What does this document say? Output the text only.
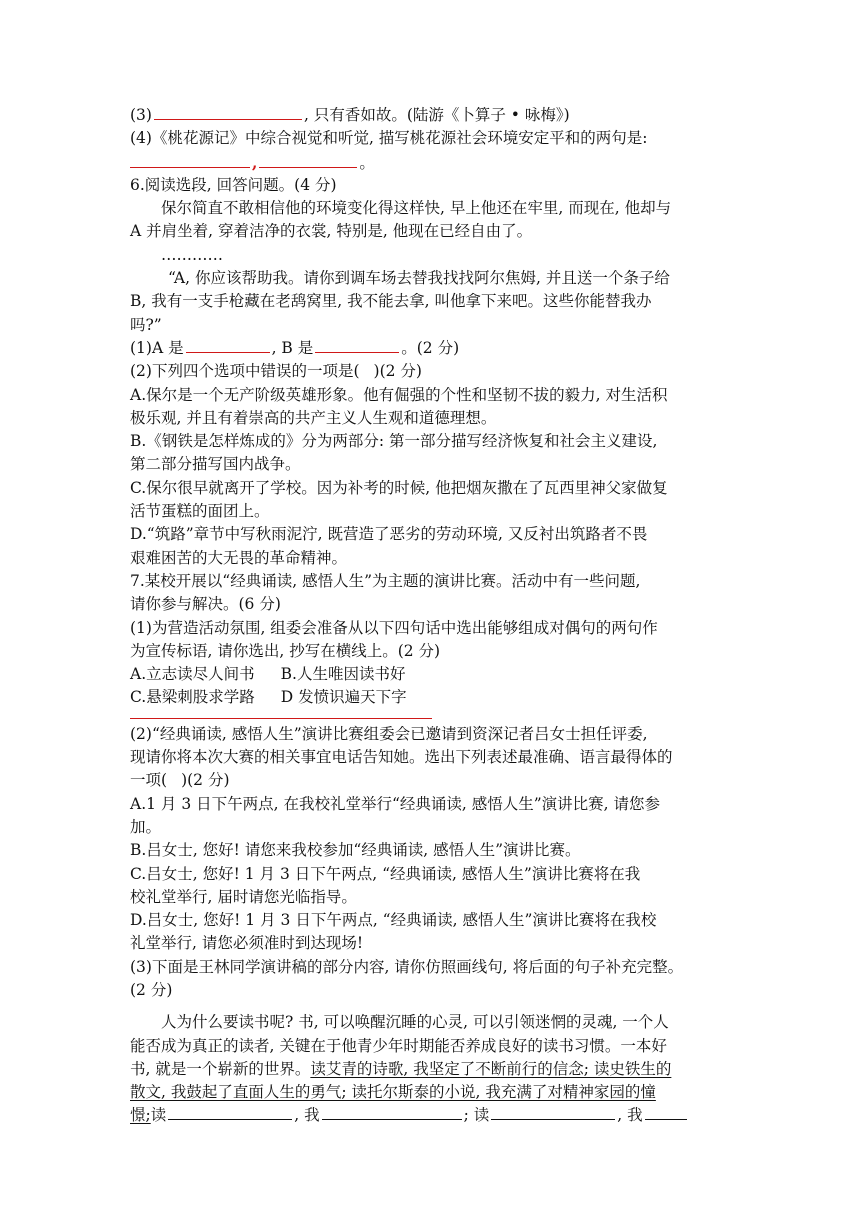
(3)	, 只有香如故。(陆游《卜算子 • 咏梅》)
(4)《桃花源记》中综合视觉和听觉, 描写桃花源社会环境安定平和的两句是:
,	。
6.阅读选段, 回答问题。(4 分)
保尔简直不敢相信他的环境变化得这样快, 早上他还在牢里, 而现在, 他却与
A 并肩坐着, 穿着洁净的衣裳, 特别是, 他现在已经自由了。
…………
“A, 你应该帮助我。请你到调车场去替我找找阿尔焦姆, 并且送一个条子给
B, 我有一支手枪藏在老鸹窝里, 我不能去拿, 叫他拿下来吧。这些你能替我办
吗?”
(1)A 是	, B 是	。(2 分)
(2)下列四个选项中错误的一项是( )(2 分)
A.保尔是一个无产阶级英雄形象。他有倔强的个性和坚韧不拔的毅力, 对生活积
极乐观, 并且有着崇高的共产主义人生观和道德理想。
B.《钢铁是怎样炼成的》分为两部分: 第一部分描写经济恢复和社会主义建设,
第二部分描写国内战争。
C.保尔很早就离开了学校。因为补考的时候, 他把烟灰撒在了瓦西里神父家做复
活节蛋糕的面团上。
D.“筑路”章节中写秋雨泥泞, 既营造了恶劣的劳动环境, 又反衬出筑路者不畏
艰难困苦的大无畏的革命精神。
7.某校开展以“经典诵读, 感悟人生”为主题的演讲比赛。活动中有一些问题,
请你参与解决。(6 分)
(1)为营造活动氛围, 组委会准备从以下四句话中选出能够组成对偶句的两句作
为宣传标语, 请你选出, 抄写在横线上。(2 分)
A.立志读尽人间书 B.人生唯因读书好
C.悬梁刺股求学路 D 发愤识遍天下字
(2)“经典诵读, 感悟人生”演讲比赛组委会已邀请到资深记者吕女士担任评委,
现请你将本次大赛的相关事宜电话告知她。选出下列表述最准确、语言最得体的
一项( )(2 分)
A.1 月 3 日下午两点, 在我校礼堂举行“经典诵读, 感悟人生”演讲比赛, 请您参
加。
B.吕女士, 您好! 请您来我校参加“经典诵读, 感悟人生”演讲比赛。
C.吕女士, 您好! 1 月 3 日下午两点, “经典诵读, 感悟人生”演讲比赛将在我
校礼堂举行, 届时请您光临指导。
D.吕女士, 您好! 1 月 3 日下午两点, “经典诵读, 感悟人生”演讲比赛将在我校
礼堂举行, 请您必须准时到达现场!
(3)下面是王林同学演讲稿的部分内容, 请你仿照画线句, 将后面的句子补充完整。
(2 分)
人为什么要读书呢? 书, 可以唤醒沉睡的心灵, 可以引领迷惘的灵魂, 一个人
能否成为真正的读者, 关键在于他青少年时期能否养成良好的读书习惯。一本好
书, 就是一个崭新的世界。读艾青的诗歌, 我坚定了不断前行的信念; 读史铁生的
散文, 我鼓起了直面人生的勇气; 读托尔斯泰的小说, 我充满了对精神家园的憧
憬;读	, 我	; 读	, 我
